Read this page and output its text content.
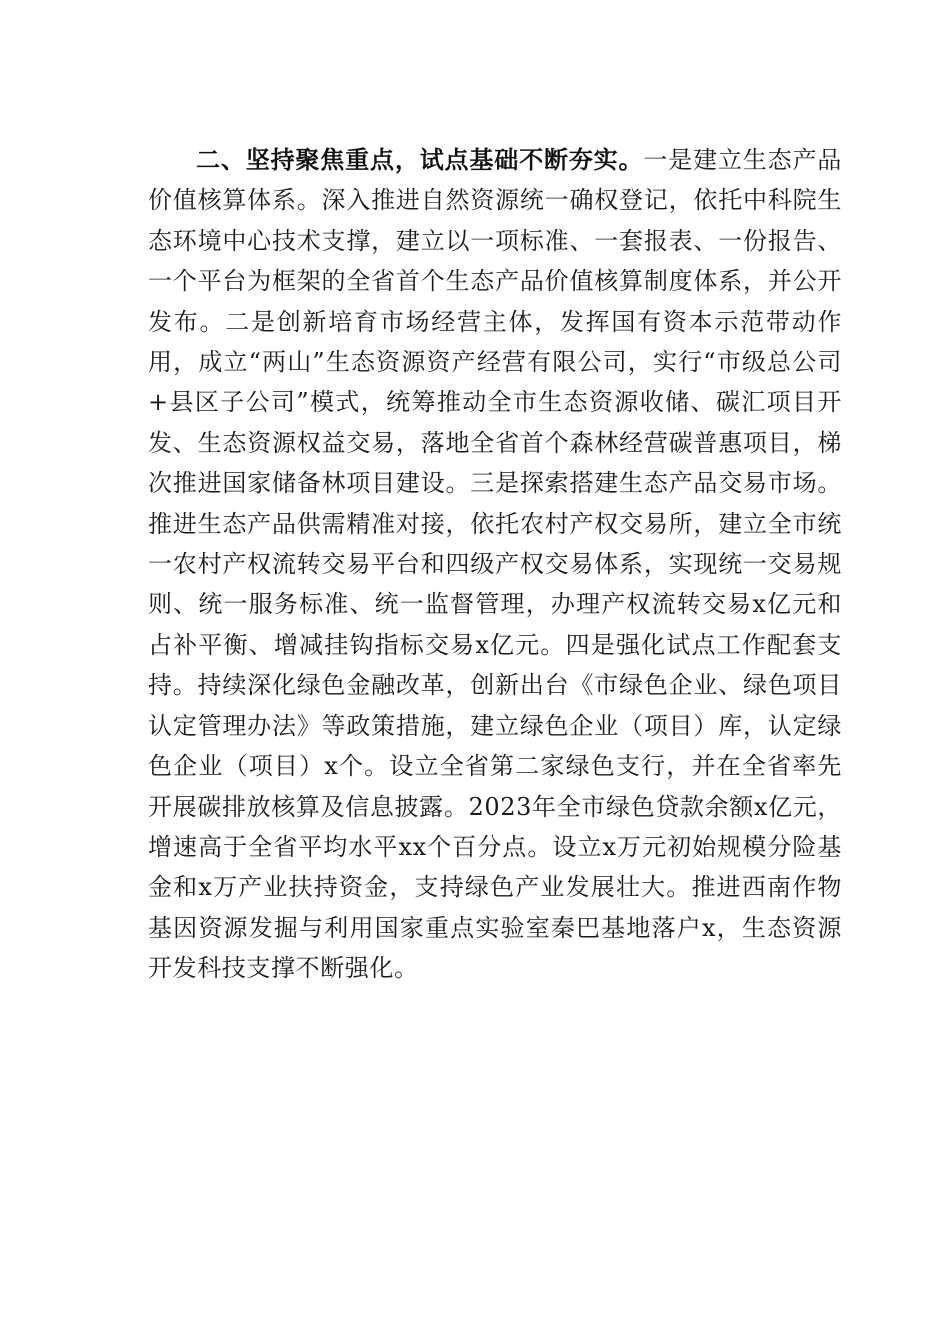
二、坚持聚焦重点，试点基础不断夯实。一是建立生态产品价值核算体系。深入推进自然资源统一确权登记，依托中科院生态环境中心技术支撑，建立以一项标准、一套报表、一份报告、一个平台为框架的全省首个生态产品价值核算制度体系，并公开发布。二是创新培育市场经营主体，发挥国有资本示范带动作用，成立“两山”生态资源资产经营有限公司，实行“市级总公司+县区子公司”模式，统筹推动全市生态资源收储、碳汇项目开发、生态资源权益交易，落地全省首个森林经营碳普惠项目，梯次推进国家储备林项目建设。三是探索搭建生态产品交易市场。推进生态产品供需精准对接，依托农村产权交易所，建立全市统一农村产权流转交易平台和四级产权交易体系，实现统一交易规则、统一服务标准、统一监督管理，办理产权流转交易x亿元和占补平衡、增减挂钩指标交易x亿元。四是强化试点工作配套支持。持续深化绿色金融改革，创新出台《市绿色企业、绿色项目认定管理办法》等政策措施，建立绿色企业（项目）库，认定绿色企业（项目）x个。设立全省第二家绿色支行，并在全省率先开展碳排放核算及信息披露。2023年全市绿色贷款余额x亿元，增速高于全省平均水平xx个百分点。设立x万元初始规模分险基金和x万产业扶持资金，支持绿色产业发展壮大。推进西南作物基因资源发掘与利用国家重点实验室秦巴基地落户x，生态资源开发科技支撑不断强化。
